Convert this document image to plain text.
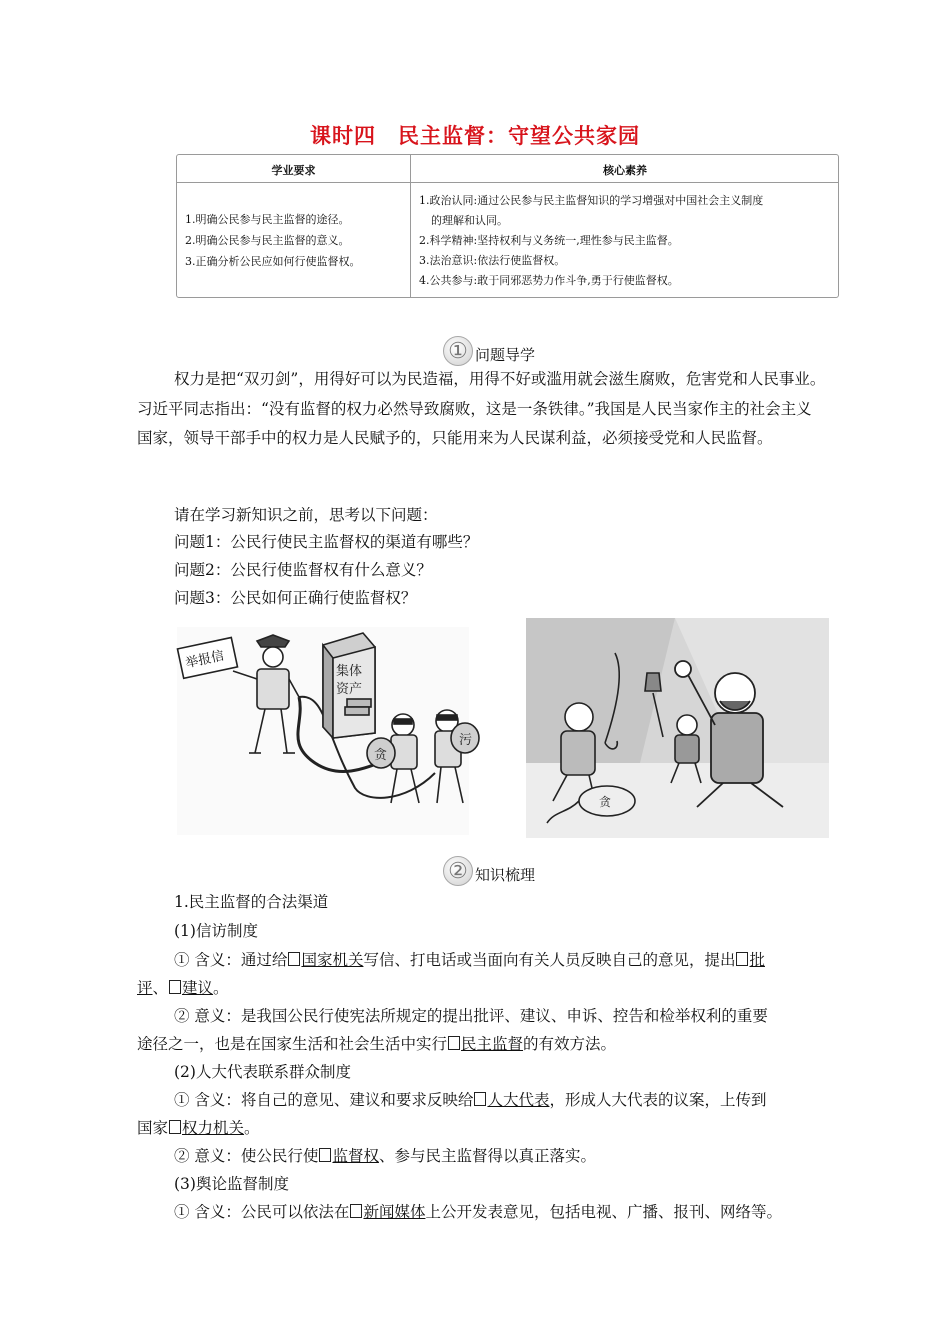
课时四　民主监督：守望公共家园
学业要求	核心素养
1.明确公民参与民主监督的途径。
2.明确公民参与民主监督的意义。
3.正确分析公民应如何行使监督权。
1.政治认同:通过公民参与民主监督知识的学习增强对中国社会主义制度
的理解和认同。
2.科学精神:坚持权利与义务统一,理性参与民主监督。
3.法治意识:依法行使监督权。
4.公共参与:敢于同邪恶势力作斗争,勇于行使监督权。
① 问题导学
权力是把“双刃剑”，用得好可以为民造福，用得不好或滥用就会滋生腐败，危害党和人民事业。习近平同志指出：“没有监督的权力必然导致腐败，这是一条铁律。”我国是人民当家作主的社会主义国家，领导干部手中的权力是人民赋予的，只能用来为人民谋利益，必须接受党和人民监督。
请在学习新知识之前，思考以下问题：
问题1：公民行使民主监督权的渠道有哪些？
问题2：公民行使监督权有什么意义？
问题3：公民如何正确行使监督权？
举报信
集体
资产
贪
污
贪
② 知识梳理
1.民主监督的合法渠道
(1)信访制度
① 含义：通过给 国家机关写信、打电话或当面向有关人员反映自己的意见，提出 批
评、 建议。
② 意义：是我国公民行使宪法所规定的提出批评、建议、申诉、控告和检举权利的重要
途径之一，也是在国家生活和社会生活中实行 民主监督的有效方法。
(2)人大代表联系群众制度
① 含义：将自己的意见、建议和要求反映给 人大代表，形成人大代表的议案，上传到
国家 权力机关。
② 意义：使公民行使 监督权、参与民主监督得以真正落实。
(3)舆论监督制度
① 含义：公民可以依法在 新闻媒体上公开发表意见，包括电视、广播、报刊、网络等。
